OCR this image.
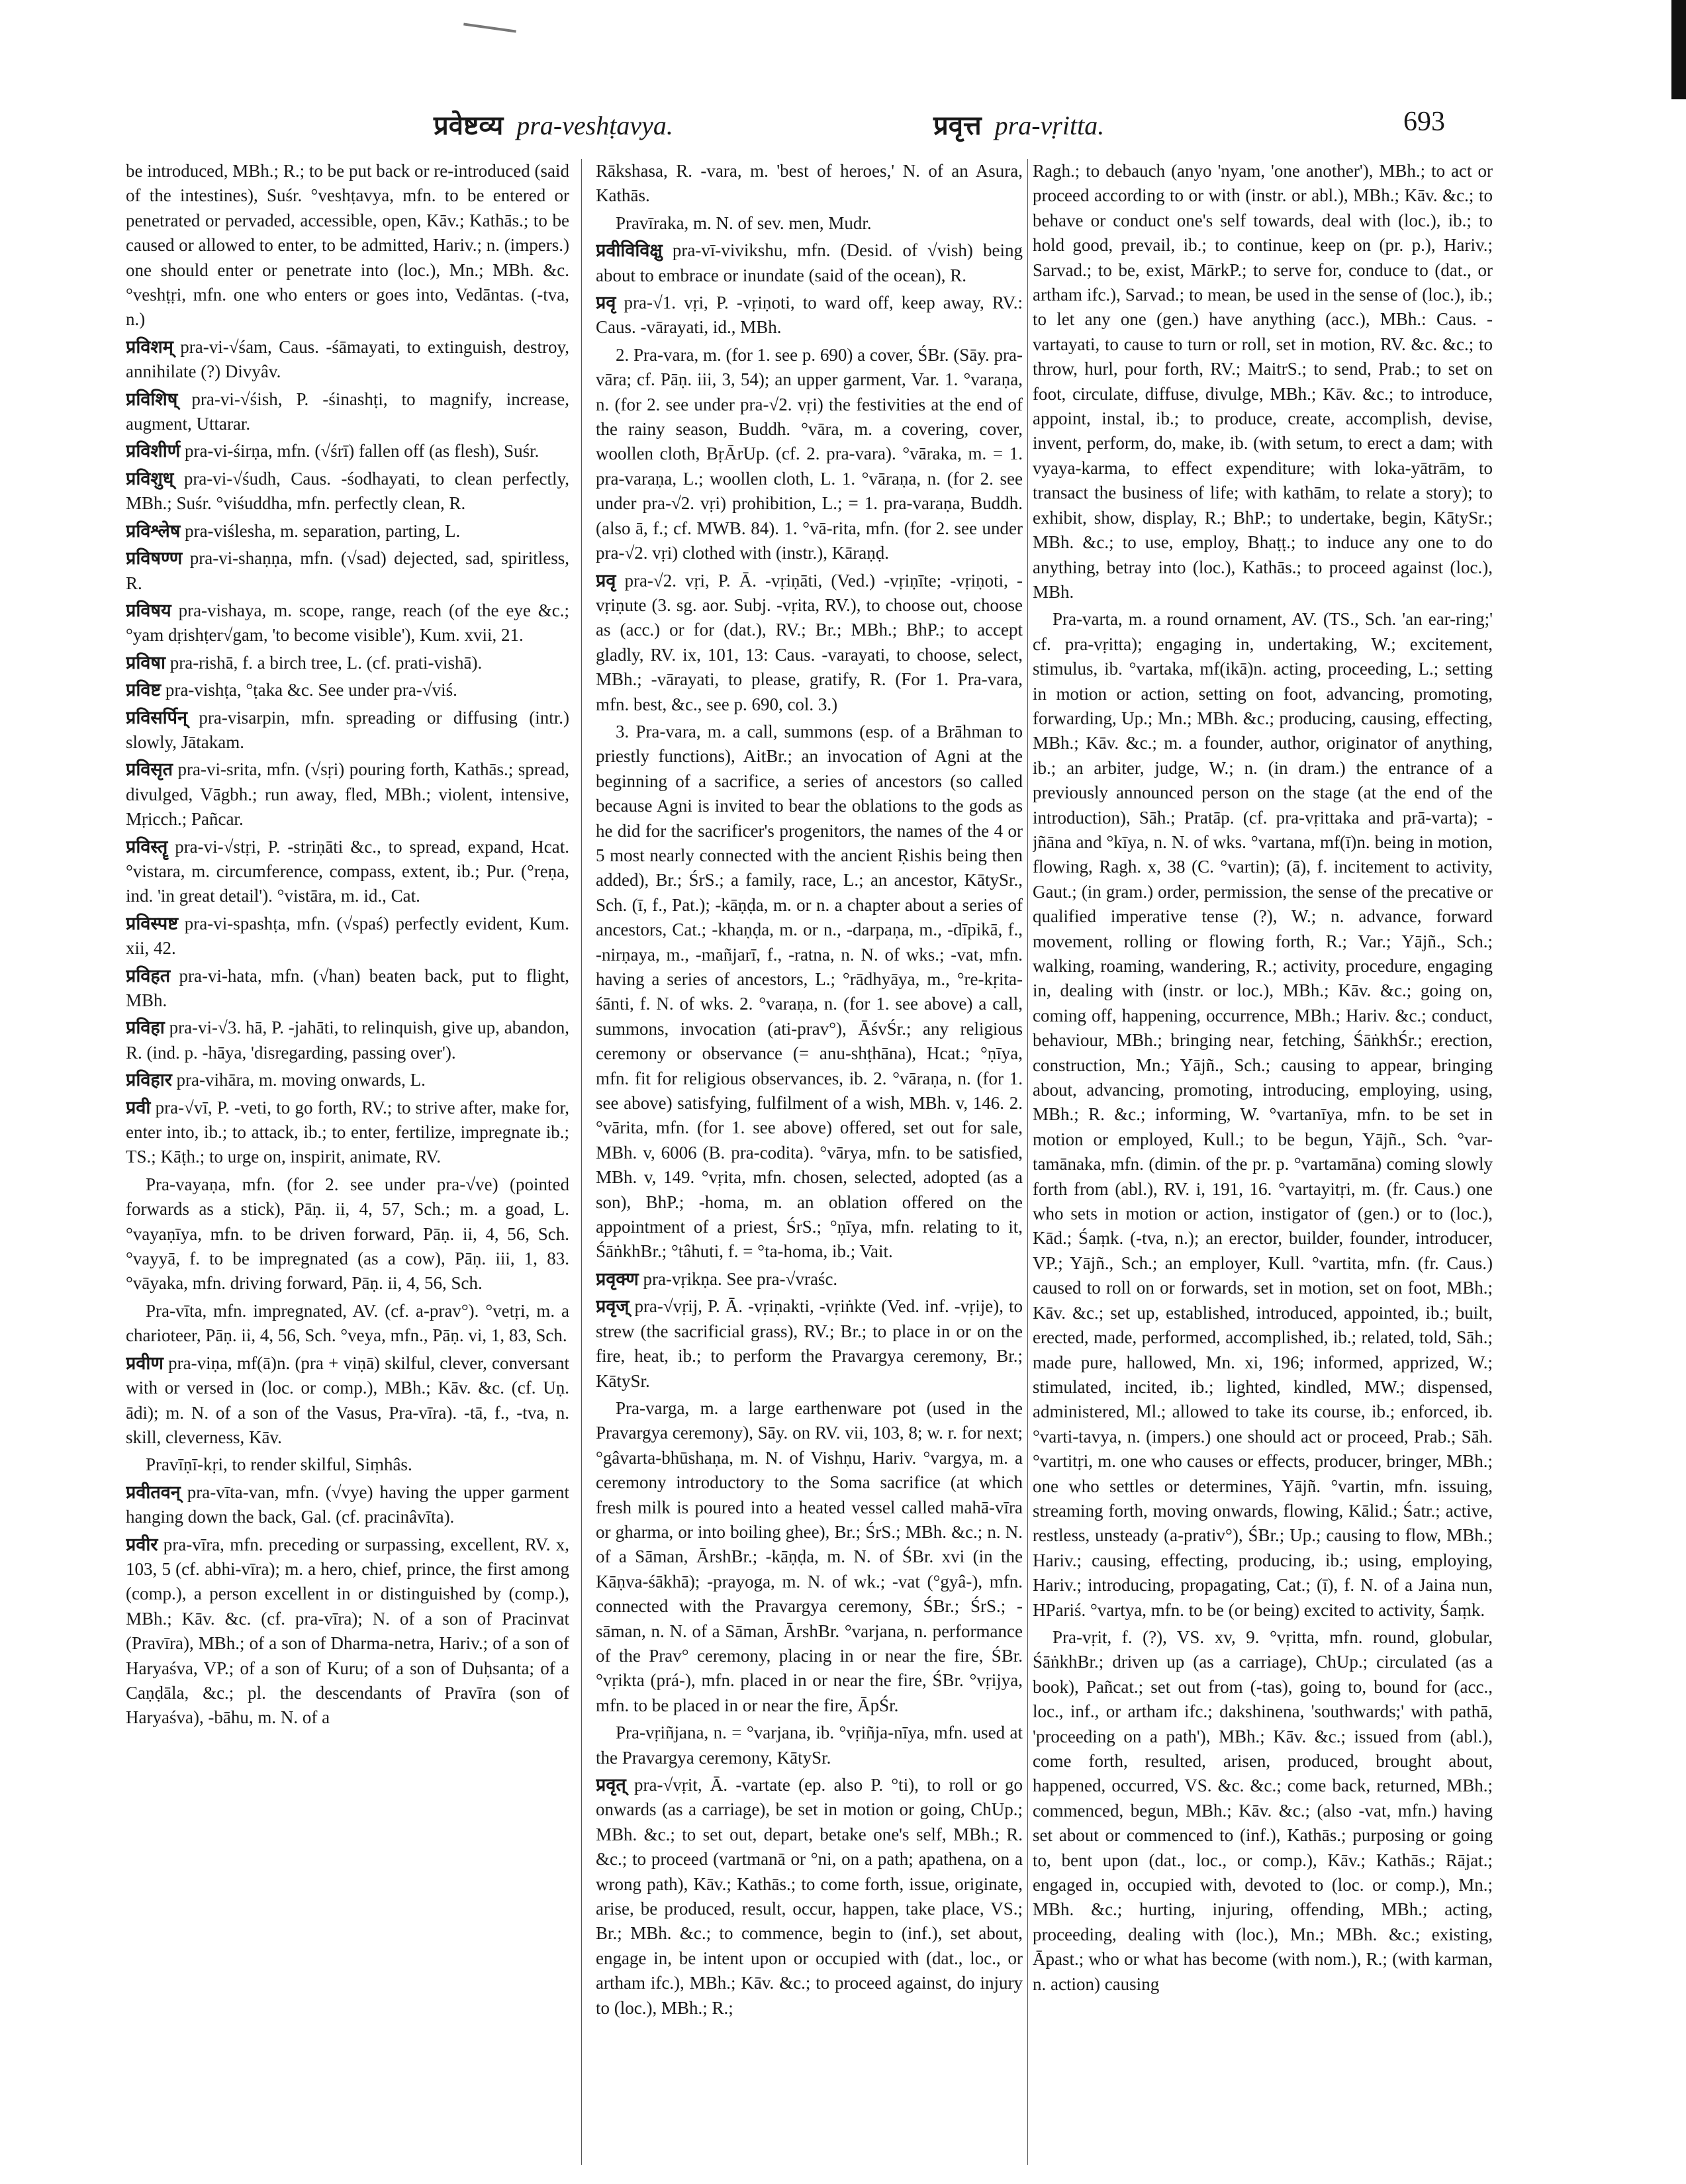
प्रवेष्टव्य pra-veshṭavya.	प्रवृत्त pra-vṛitta.	693

be introduced, MBh.; R.; to be put back or re-introduced (said of the intestines), Suśr. °veshṭavya, mfn. to be entered or penetrated or pervaded, accessible, open, Kāv.; Kathās.; to be caused or allowed to enter, to be admitted, Hariv.; n. (impers.) one should enter or penetrate into (loc.), Mn.; MBh. &c. °veshṭṛi, mfn. one who enters or goes into, Vedāntas. (-tva, n.)

प्रविशम् pra-vi-√śam, Caus. -śāmayati, to extinguish, destroy, annihilate (?) Divyâv.

प्रविशिष् pra-vi-√śish, P. -śinashṭi, to magnify, increase, augment, Uttarar.

प्रविशीर्ण pra-vi-śirṇa, mfn. (√śrī) fallen off (as flesh), Suśr.

प्रविशुध् pra-vi-√śudh, Caus. -śodhayati, to clean perfectly, MBh.; Suśr. °viśuddha, mfn. perfectly clean, R.

प्रविश्लेष pra-viślesha, m. separation, parting, L.

प्रविषण्ण pra-vi-shaṇṇa, mfn. (√sad) dejected, sad, spiritless, R.

प्रविषय pra-vishaya, m. scope, range, reach (of the eye &c.; °yam dṛishṭer√gam, 'to become visible'), Kum. xvii, 21.

प्रविषा pra-rishā, f. a birch tree, L. (cf. prati-vishā).

प्रविष्ट pra-vishṭa, °ṭaka &c. See under pra-√viś.

प्रविसर्पिन् pra-visarpin, mfn. spreading or diffusing (intr.) slowly, Jātakam.

प्रविसृत pra-vi-srita, mfn. (√sṛi) pouring forth, Kathās.; spread, divulged, Vāgbh.; run away, fled, MBh.; violent, intensive, Mṛicch.; Pañcar.

प्रविस्तॄ pra-vi-√stṛi, P. -striṇāti &c., to spread, expand, Hcat. °vistara, m. circumference, compass, extent, ib.; Pur. (°reṇa, ind. 'in great detail'). °vistāra, m. id., Cat.

प्रविस्पष्ट pra-vi-spashṭa, mfn. (√spaś) perfectly evident, Kum. xii, 42.

प्रविहत pra-vi-hata, mfn. (√han) beaten back, put to flight, MBh.

प्रविहा pra-vi-√3. hā, P. -jahāti, to relinquish, give up, abandon, R. (ind. p. -hāya, 'disregarding, passing over').

प्रविहार pra-vihāra, m. moving onwards, L.

प्रवी pra-√vī, P. -veti, to go forth, RV.; to strive after, make for, enter into, ib.; to attack, ib.; to enter, fertilize, impregnate ib.; TS.; Kāṭh.; to urge on, inspirit, animate, RV.

Pra-vayaṇa, mfn. (for 2. see under pra-√ve) (pointed forwards as a stick), Pāṇ. ii, 4, 57, Sch.; m. a goad, L. °vayaṇīya, mfn. to be driven forward, Pāṇ. ii, 4, 56, Sch. °vayyā, f. to be impregnated (as a cow), Pāṇ. iii, 1, 83. °vāyaka, mfn. driving forward, Pāṇ. ii, 4, 56, Sch.

Pra-vīta, mfn. impregnated, AV. (cf. a-prav°). °vetṛi, m. a charioteer, Pāṇ. ii, 4, 56, Sch. °veya, mfn., Pāṇ. vi, 1, 83, Sch.

प्रवीण pra-viṇa, mf(ā)n. (pra + viṇā) skilful, clever, conversant with or versed in (loc. or comp.), MBh.; Kāv. &c. (cf. Uṇ. ādi); m. N. of a son of the Vasus, Pra-vīra). -tā, f., -tva, n. skill, cleverness, Kāv.

Pravīṇī-kṛi, to render skilful, Siṃhâs.

प्रवीतवन् pra-vīta-van, mfn. (√vye) having the upper garment hanging down the back, Gal. (cf. pracinâvīta).

प्रवीर pra-vīra, mfn. preceding or surpassing, excellent, RV. x, 103, 5 (cf. abhi-vīra); m. a hero, chief, prince, the first among (comp.), a person excellent in or distinguished by (comp.), MBh.; Kāv. &c. (cf. pra-vīra); N. of a son of Pracinvat (Pravīra), MBh.; of a son of Dharma-netra, Hariv.; of a son of Haryaśva, VP.; of a son of Kuru; of a son of Duḥsanta; of a Caṇḍāla, &c.; pl. the descendants of Pravīra (son of Haryaśva), -bāhu, m. N. of a

Rākshasa, R. -vara, m. 'best of heroes,' N. of an Asura, Kathās.

Pravīraka, m. N. of sev. men, Mudr.

प्रवीविविक्षु pra-vī-vivikshu, mfn. (Desid. of √vish) being about to embrace or inundate (said of the ocean), R.

प्रवृ pra-√1. vṛi, P. -vṛiṇoti, to ward off, keep away, RV.: Caus. -vārayati, id., MBh.

2. Pra-vara, m. (for 1. see p. 690) a cover, ŚBr. (Sāy. pra-vāra; cf. Pāṇ. iii, 3, 54); an upper garment, Var. 1. °varaṇa, n. (for 2. see under pra-√2. vṛi) the festivities at the end of the rainy season, Buddh. °vāra, m. a covering, cover, woollen cloth, BṛĀrUp. (cf. 2. pra-vara). °vāraka, m. = 1. pra-varaṇa, L.; woollen cloth, L. 1. °vāraṇa, n. (for 2. see under pra-√2. vṛi) prohibition, L.; = 1. pra-varaṇa, Buddh. (also ā, f.; cf. MWB. 84). 1. °vā-rita, mfn. (for 2. see under pra-√2. vṛi) clothed with (instr.), Kāraṇḍ.

प्रवृ pra-√2. vṛi, P. Ā. -vṛiṇāti, (Ved.) -vṛiṇīte; -vṛiṇoti, -vṛiṇute (3. sg. aor. Subj. -vṛita, RV.), to choose out, choose as (acc.) or for (dat.), RV.; Br.; MBh.; BhP.; to accept gladly, RV. ix, 101, 13: Caus. -varayati, to choose, select, MBh.; -vārayati, to please, gratify, R. (For 1. Pra-vara, mfn. best, &c., see p. 690, col. 3.)

3. Pra-vara, m. a call, summons (esp. of a Brāhman to priestly functions), AitBr.; an invocation of Agni at the beginning of a sacrifice, a series of ancestors (so called because Agni is invited to bear the oblations to the gods as he did for the sacrificer's progenitors, the names of the 4 or 5 most nearly connected with the ancient Ṛishis being then added), Br.; ŚrS.; a family, race, L.; an ancestor, KātySr., Sch. (ī, f., Pat.); -kāṇḍa, m. or n. a chapter about a series of ancestors, Cat.; -khaṇḍa, m. or n., -darpaṇa, m., -dīpikā, f., -nirṇaya, m., -mañjarī, f., -ratna, n. N. of wks.; -vat, mfn. having a series of ancestors, L.; °rādhyāya, m., °re-kṛita-śānti, f. N. of wks. 2. °varaṇa, n. (for 1. see above) a call, summons, invocation (ati-prav°), ĀśvŚr.; any religious ceremony or observance (= anu-shṭhāna), Hcat.; °ṇīya, mfn. fit for religious observances, ib. 2. °vāraṇa, n. (for 1. see above) satisfying, fulfilment of a wish, MBh. v, 146. 2. °vārita, mfn. (for 1. see above) offered, set out for sale, MBh. v, 6006 (B. pra-codita). °vārya, mfn. to be satisfied, MBh. v, 149. °vṛita, mfn. chosen, selected, adopted (as a son), BhP.; -homa, m. an oblation offered on the appointment of a priest, ŚrS.; °ṇīya, mfn. relating to it, ŚāṅkhBr.; °tâhuti, f. = °ta-homa, ib.; Vait.

प्रवृक्ण pra-vṛikṇa. See pra-√vraśc.

प्रवृज् pra-√vṛij, P. Ā. -vṛiṇakti, -vṛiṅkte (Ved. inf. -vṛije), to strew (the sacrificial grass), RV.; Br.; to place in or on the fire, heat, ib.; to perform the Pravargya ceremony, Br.; KātySr.

Pra-varga, m. a large earthenware pot (used in the Pravargya ceremony), Sāy. on RV. vii, 103, 8; w. r. for next; °gâvarta-bhūshaṇa, m. N. of Vishṇu, Hariv. °vargya, m. a ceremony introductory to the Soma sacrifice (at which fresh milk is poured into a heated vessel called mahā-vīra or gharma, or into boiling ghee), Br.; ŚrS.; MBh. &c.; n. N. of a Sāman, ĀrshBr.; -kāṇḍa, m. N. of ŚBr. xvi (in the Kāṇva-śākhā); -prayoga, m. N. of wk.; -vat (°gyâ-), mfn. connected with the Pravargya ceremony, ŚBr.; ŚrS.; -sāman, n. N. of a Sāman, ĀrshBr. °varjana, n. performance of the Prav° ceremony, placing in or near the fire, ŚBr. °vṛikta (prá-), mfn. placed in or near the fire, ŚBr. °vṛijya, mfn. to be placed in or near the fire, ĀpŚr.

Pra-vṛiñjana, n. = °varjana, ib. °vṛiñja-nīya, mfn. used at the Pravargya ceremony, KātySr.

प्रवृत् pra-√vṛit, Ā. -vartate (ep. also P. °ti), to roll or go onwards (as a carriage), be set in motion or going, ChUp.; MBh. &c.; to set out, depart, betake one's self, MBh.; R. &c.; to proceed (vartmanā or °ni, on a path; apathena, on a wrong path), Kāv.; Kathās.; to come forth, issue, originate, arise, be produced, result, occur, happen, take place, VS.; Br.; MBh. &c.; to commence, begin to (inf.), set about, engage in, be intent upon or occupied with (dat., loc., or artham ifc.), MBh.; Kāv. &c.; to proceed against, do injury to (loc.), MBh.; R.;

Ragh.; to debauch (anyo 'nyam, 'one another'), MBh.; to act or proceed according to or with (instr. or abl.), MBh.; Kāv. &c.; to behave or conduct one's self towards, deal with (loc.), ib.; to hold good, prevail, ib.; to continue, keep on (pr. p.), Hariv.; Sarvad.; to be, exist, MārkP.; to serve for, conduce to (dat., or artham ifc.), Sarvad.; to mean, be used in the sense of (loc.), ib.; to let any one (gen.) have anything (acc.), MBh.: Caus. -vartayati, to cause to turn or roll, set in motion, RV. &c. &c.; to throw, hurl, pour forth, RV.; MaitrS.; to send, Prab.; to set on foot, circulate, diffuse, divulge, MBh.; Kāv. &c.; to introduce, appoint, instal, ib.; to produce, create, accomplish, devise, invent, perform, do, make, ib. (with setum, to erect a dam; with vyaya-karma, to effect expenditure; with loka-yātrām, to transact the business of life; with kathām, to relate a story); to exhibit, show, display, R.; BhP.; to undertake, begin, KātySr.; MBh. &c.; to use, employ, Bhaṭṭ.; to induce any one to do anything, betray into (loc.), Kathās.; to proceed against (loc.), MBh.

Pra-varta, m. a round ornament, AV. (TS., Sch. 'an ear-ring;' cf. pra-vṛitta); engaging in, undertaking, W.; excitement, stimulus, ib. °vartaka, mf(ikā)n. acting, proceeding, L.; setting in motion or action, setting on foot, advancing, promoting, forwarding, Up.; Mn.; MBh. &c.; producing, causing, effecting, MBh.; Kāv. &c.; m. a founder, author, originator of anything, ib.; an arbiter, judge, W.; n. (in dram.) the entrance of a previously announced person on the stage (at the end of the introduction), Sāh.; Pratāp. (cf. pra-vṛittaka and prā-varta); -jñāna and °kīya, n. N. of wks. °vartana, mf(ī)n. being in motion, flowing, Ragh. x, 38 (C. °vartin); (ā), f. incitement to activity, Gaut.; (in gram.) order, permission, the sense of the precative or qualified imperative tense (?), W.; n. advance, forward movement, rolling or flowing forth, R.; Var.; Yājñ., Sch.; walking, roaming, wandering, R.; activity, procedure, engaging in, dealing with (instr. or loc.), MBh.; Kāv. &c.; going on, coming off, happening, occurrence, MBh.; Hariv. &c.; conduct, behaviour, MBh.; bringing near, fetching, ŚāṅkhŚr.; erection, construction, Mn.; Yājñ., Sch.; causing to appear, bringing about, advancing, promoting, introducing, employing, using, MBh.; R. &c.; informing, W. °vartanīya, mfn. to be set in motion or employed, Kull.; to be begun, Yājñ., Sch. °var-tamānaka, mfn. (dimin. of the pr. p. °vartamāna) coming slowly forth from (abl.), RV. i, 191, 16. °vartayitṛi, m. (fr. Caus.) one who sets in motion or action, instigator of (gen.) or to (loc.), Kād.; Śaṃk. (-tva, n.); an erector, builder, founder, introducer, VP.; Yājñ., Sch.; an employer, Kull. °vartita, mfn. (fr. Caus.) caused to roll on or forwards, set in motion, set on foot, MBh.; Kāv. &c.; set up, established, introduced, appointed, ib.; built, erected, made, performed, accomplished, ib.; related, told, Sāh.; made pure, hallowed, Mn. xi, 196; informed, apprized, W.; stimulated, incited, ib.; lighted, kindled, MW.; dispensed, administered, Ml.; allowed to take its course, ib.; enforced, ib. °varti-tavya, n. (impers.) one should act or proceed, Prab.; Sāh. °vartitṛi, m. one who causes or effects, producer, bringer, MBh.; one who settles or determines, Yājñ. °vartin, mfn. issuing, streaming forth, moving onwards, flowing, Kālid.; Śatr.; active, restless, unsteady (a-prativ°), ŚBr.; Up.; causing to flow, MBh.; Hariv.; causing, effecting, producing, ib.; using, employing, Hariv.; introducing, propagating, Cat.; (ī), f. N. of a Jaina nun, HPariś. °vartya, mfn. to be (or being) excited to activity, Śaṃk.

Pra-vṛit, f. (?), VS. xv, 9. °vṛitta, mfn. round, globular, ŚāṅkhBr.; driven up (as a carriage), ChUp.; circulated (as a book), Pañcat.; set out from (-tas), going to, bound for (acc., loc., inf., or artham ifc.; dakshinena, 'southwards;' with pathā, 'proceeding on a path'), MBh.; Kāv. &c.; issued from (abl.), come forth, resulted, arisen, produced, brought about, happened, occurred, VS. &c. &c.; come back, returned, MBh.; commenced, begun, MBh.; Kāv. &c.; (also -vat, mfn.) having set about or commenced to (inf.), Kathās.; purposing or going to, bent upon (dat., loc., or comp.), Kāv.; Kathās.; Rājat.; engaged in, occupied with, devoted to (loc. or comp.), Mn.; MBh. &c.; hurting, injuring, offending, MBh.; acting, proceeding, dealing with (loc.), Mn.; MBh. &c.; existing, Āpast.; who or what has become (with nom.), R.; (with karman, n. action) causing
